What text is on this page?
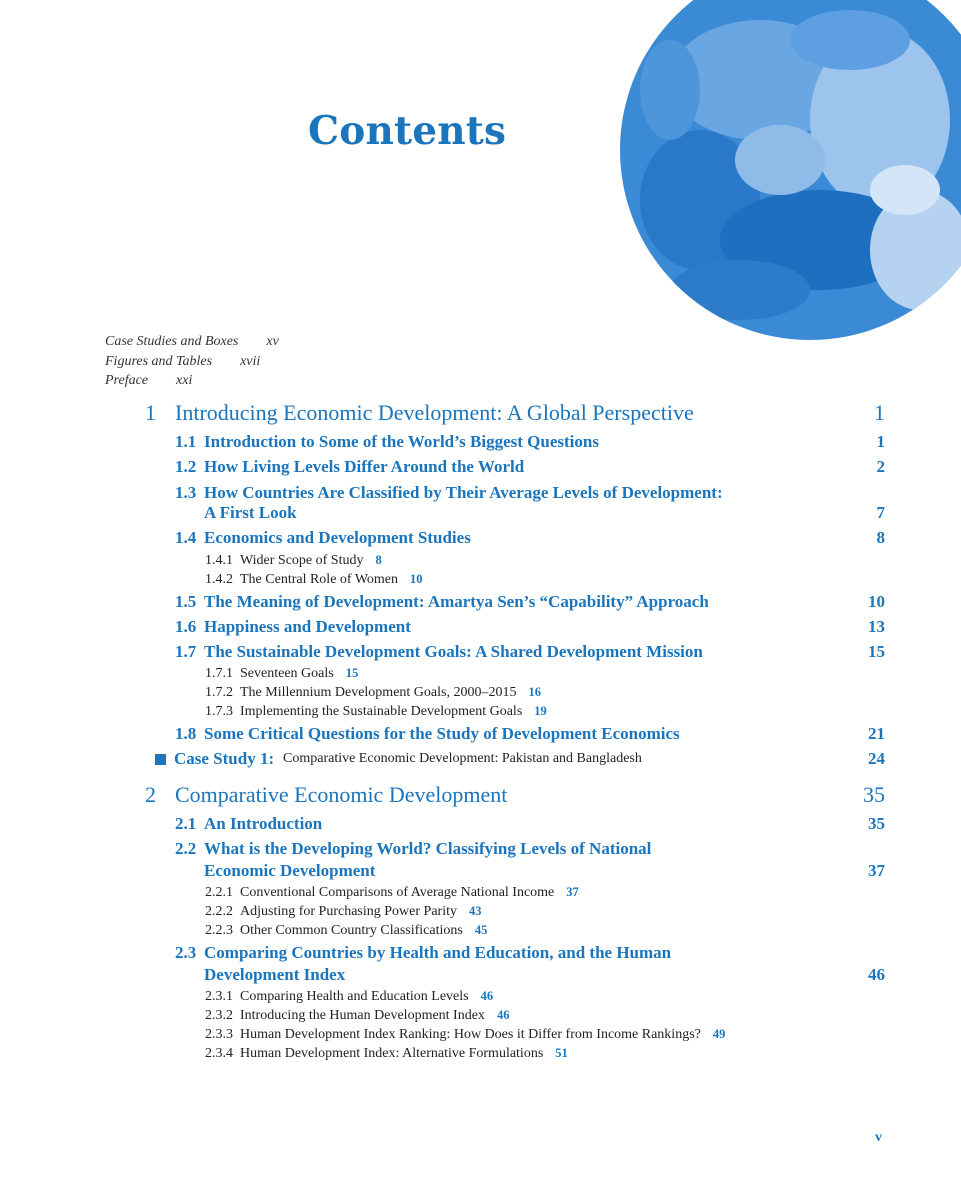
Contents
Case Studies and Boxes xv
Figures and Tables xvii
Preface xxi
1 Introducing Economic Development: A Global Perspective	1
1.1 Introduction to Some of the World’s Biggest Questions	1
1.2 How Living Levels Differ Around the World	2
1.3 How Countries Are Classified by Their Average Levels of Development:
A First Look	7
1.4 Economics and Development Studies	8
1.4.1 Wider Scope of Study 8
1.4.2 The Central Role of Women 10
1.5 The Meaning of Development: Amartya Sen’s “Capability” Approach	10
1.6 Happiness and Development	13
1.7 The Sustainable Development Goals: A Shared Development Mission	15
1.7.1 Seventeen Goals 15
1.7.2 The Millennium Development Goals, 2000–2015 16
1.7.3 Implementing the Sustainable Development Goals 19
1.8 Some Critical Questions for the Study of Development Economics	21
Case Study 1: Comparative Economic Development: Pakistan and Bangladesh	24
2 Comparative Economic Development	35
2.1 An Introduction	35
2.2 What is the Developing World? Classifying Levels of National
Economic Development	37
2.2.1 Conventional Comparisons of Average National Income 37
2.2.2 Adjusting for Purchasing Power Parity 43
2.2.3 Other Common Country Classifications 45
2.3 Comparing Countries by Health and Education, and the Human
Development Index	46
2.3.1 Comparing Health and Education Levels 46
2.3.2 Introducing the Human Development Index 46
2.3.3 Human Development Index Ranking: How Does it Differ from Income Rankings? 49
2.3.4 Human Development Index: Alternative Formulations 51
v
